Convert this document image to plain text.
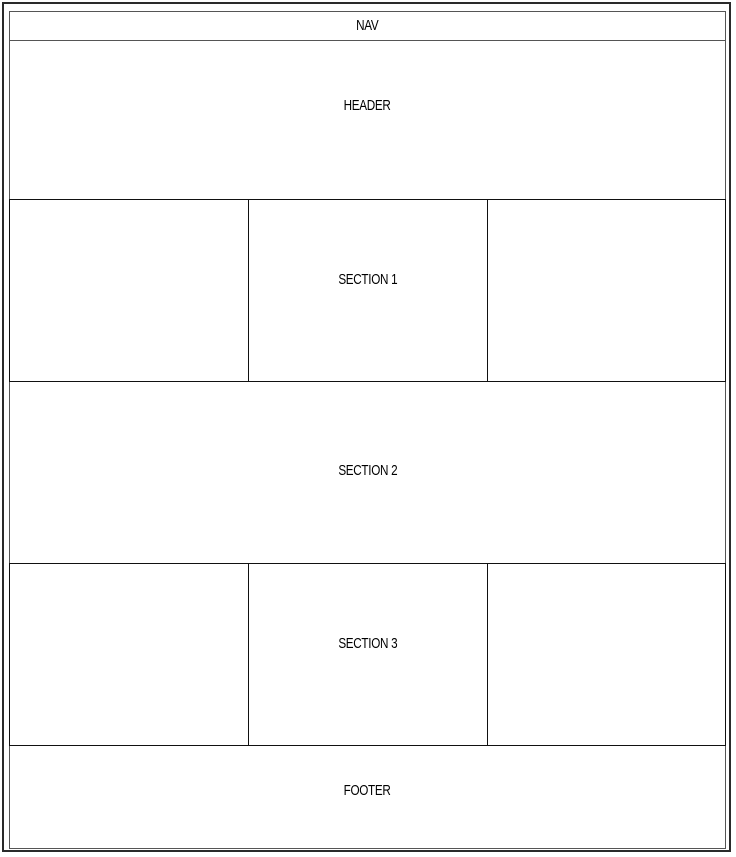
NAV
HEADER
SECTION 1
SECTION 2
SECTION 3
FOOTER
